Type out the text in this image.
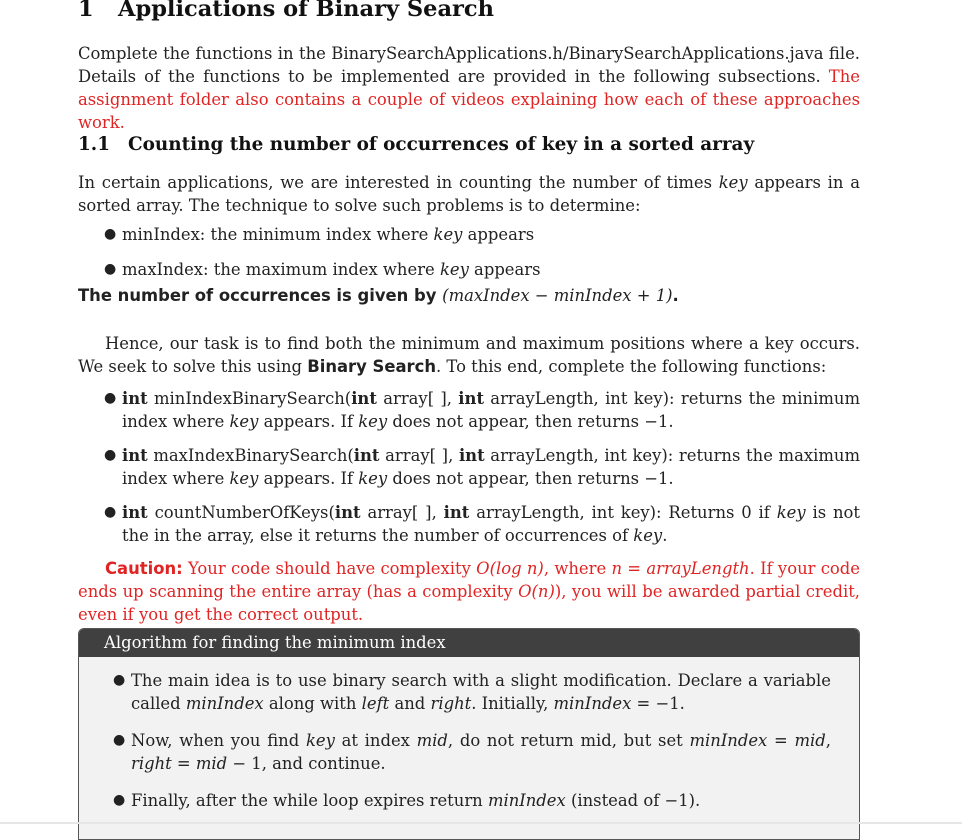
1 Applications of Binary Search
Complete the functions in the BinarySearchApplications.h/BinarySearchApplications.java file. Details of the functions to be implemented are provided in the following subsections. The assignment folder also contains a couple of videos explaining how each of these approaches work.
1.1 Counting the number of occurrences of key in a sorted array
In certain applications, we are interested in counting the number of times key appears in a sorted array. The technique to solve such problems is to determine:
● minIndex: the minimum index where key appears
● maxIndex: the maximum index where key appears
The number of occurrences is given by (maxIndex − minIndex + 1).
Hence, our task is to find both the minimum and maximum positions where a key occurs. We seek to solve this using Binary Search. To this end, complete the following functions:
● int minIndexBinarySearch(int array[ ], int arrayLength, int key): returns the minimum index where key appears. If key does not appear, then returns −1.
● int maxIndexBinarySearch(int array[ ], int arrayLength, int key): returns the maximum index where key appears. If key does not appear, then returns −1.
● int countNumberOfKeys(int array[ ], int arrayLength, int key): Returns 0 if key is not the in the array, else it returns the number of occurrences of key.
Caution: Your code should have complexity O(log n), where n = arrayLength. If your code ends up scanning the entire array (has a complexity O(n)), you will be awarded partial credit, even if you get the correct output.
Algorithm for finding the minimum index
● The main idea is to use binary search with a slight modification. Declare a variable called minIndex along with left and right. Initially, minIndex = −1.
● Now, when you find key at index mid, do not return mid, but set minIndex = mid, right = mid − 1, and continue.
● Finally, after the while loop expires return minIndex (instead of −1).
